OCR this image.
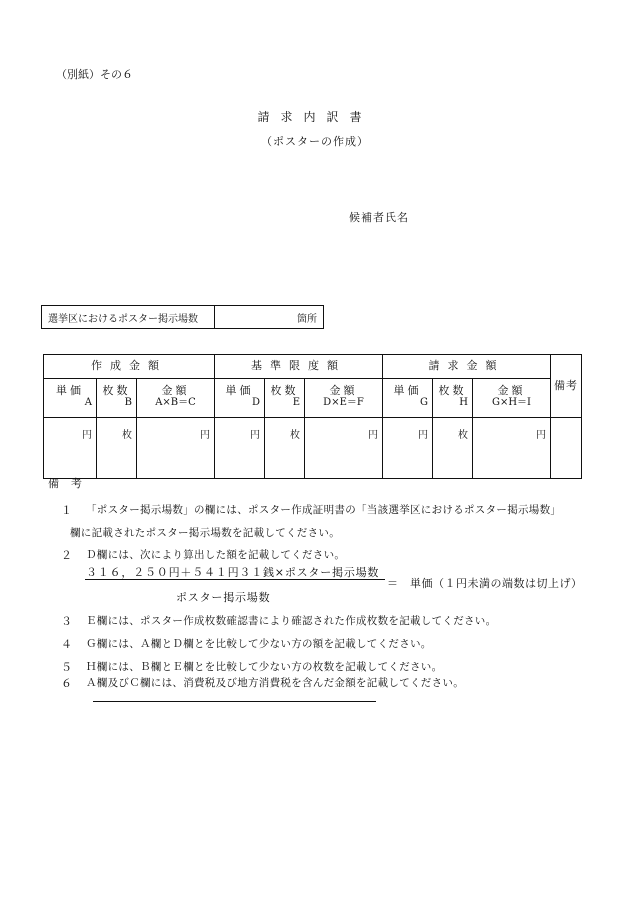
（別紙）その６
請求内訳書
（ポスターの作成）
候補者氏名
選挙区におけるポスター掲示場数	箇所
作成金額			基準限度額			請求金額			備考
単価	枚数	金額	単価	枚数	金額	単価	枚数	金額	
A	B	A×B＝C	D	E	D×E＝F	G	H	G×H＝I	
円	枚	円	円	枚	円	円	枚	円	
備考
１ 「ポスター掲示場数」の欄には、ポスター作成証明書の「当該選挙区におけるポスター掲示場数」
欄に記載されたポスター掲示場数を記載してください。
２ Ｄ欄には、次により算出した額を記載してください。
３１６，２５０円＋５４１円３１銭×ポスター掲示場数
ポスター掲示場数
＝　単価（１円未満の端数は切上げ）
３ Ｅ欄には、ポスター作成枚数確認書により確認された作成枚数を記載してください。
４ Ｇ欄には、Ａ欄とＤ欄とを比較して少ない方の額を記載してください。
５ Ｈ欄には、Ｂ欄とＥ欄とを比較して少ない方の枚数を記載してください。
６ Ａ欄及びＣ欄には、消費税及び地方消費税を含んだ金額を記載してください。
